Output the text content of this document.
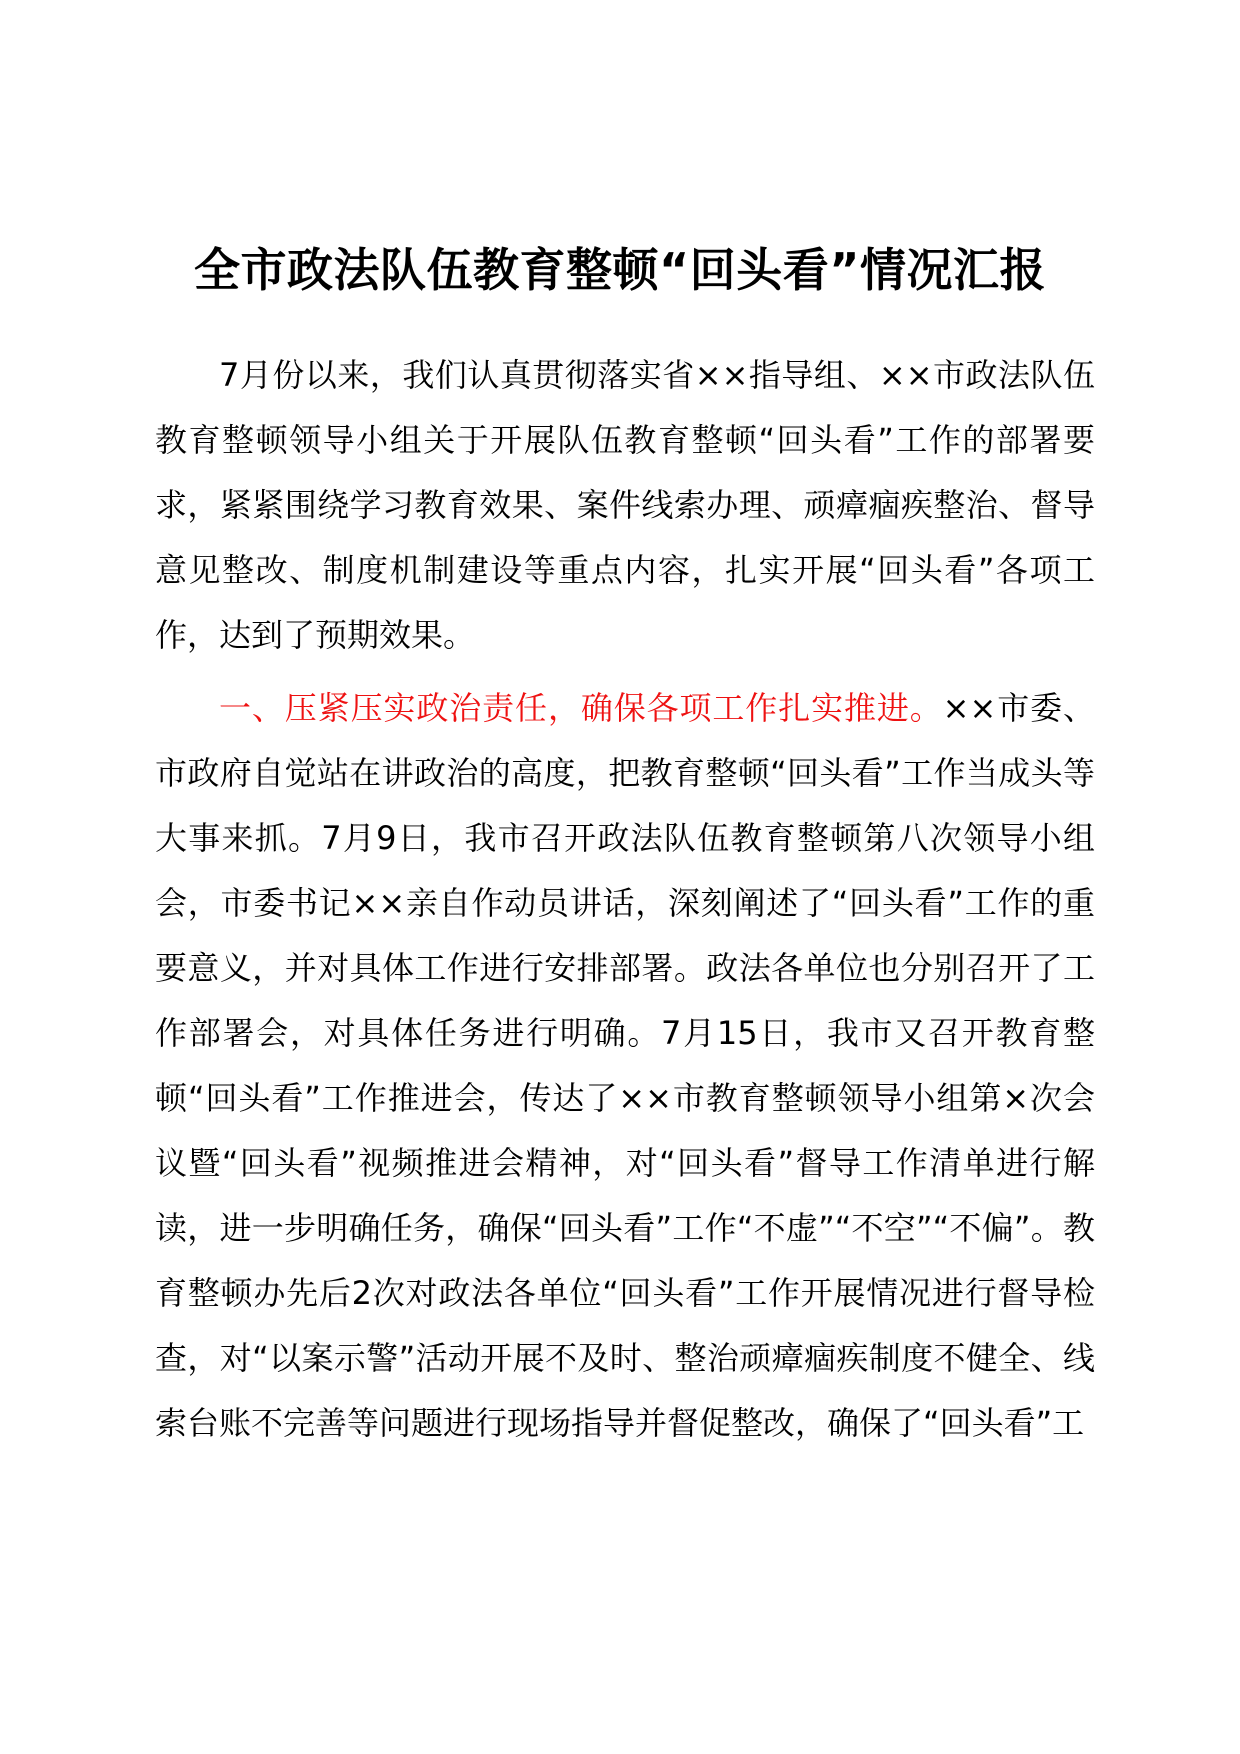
全市政法队伍教育整顿“回头看”情况汇报

7月份以来，我们认真贯彻落实省××指导组、××市政法队伍教育整顿领导小组关于开展队伍教育整顿“回头看”工作的部署要求，紧紧围绕学习教育效果、案件线索办理、顽瘴痼疾整治、督导意见整改、制度机制建设等重点内容，扎实开展“回头看”各项工作，达到了预期效果。

一、压紧压实政治责任，确保各项工作扎实推进。××市委、市政府自觉站在讲政治的高度，把教育整顿“回头看”工作当成头等大事来抓。7月9日，我市召开政法队伍教育整顿第八次领导小组会，市委书记××亲自作动员讲话，深刻阐述了“回头看”工作的重要意义，并对具体工作进行安排部署。政法各单位也分别召开了工作部署会，对具体任务进行明确。7月15日，我市又召开教育整顿“回头看”工作推进会，传达了××市教育整顿领导小组第×次会议暨“回头看”视频推进会精神，对“回头看”督导工作清单进行解读，进一步明确任务，确保“回头看”工作“不虚”“不空”“不偏”。教育整顿办先后2次对政法各单位“回头看”工作开展情况进行督导检查，对“以案示警”活动开展不及时、整治顽瘴痼疾制度不健全、线索台账不完善等问题进行现场指导并督促整改，确保了“回头看”工
